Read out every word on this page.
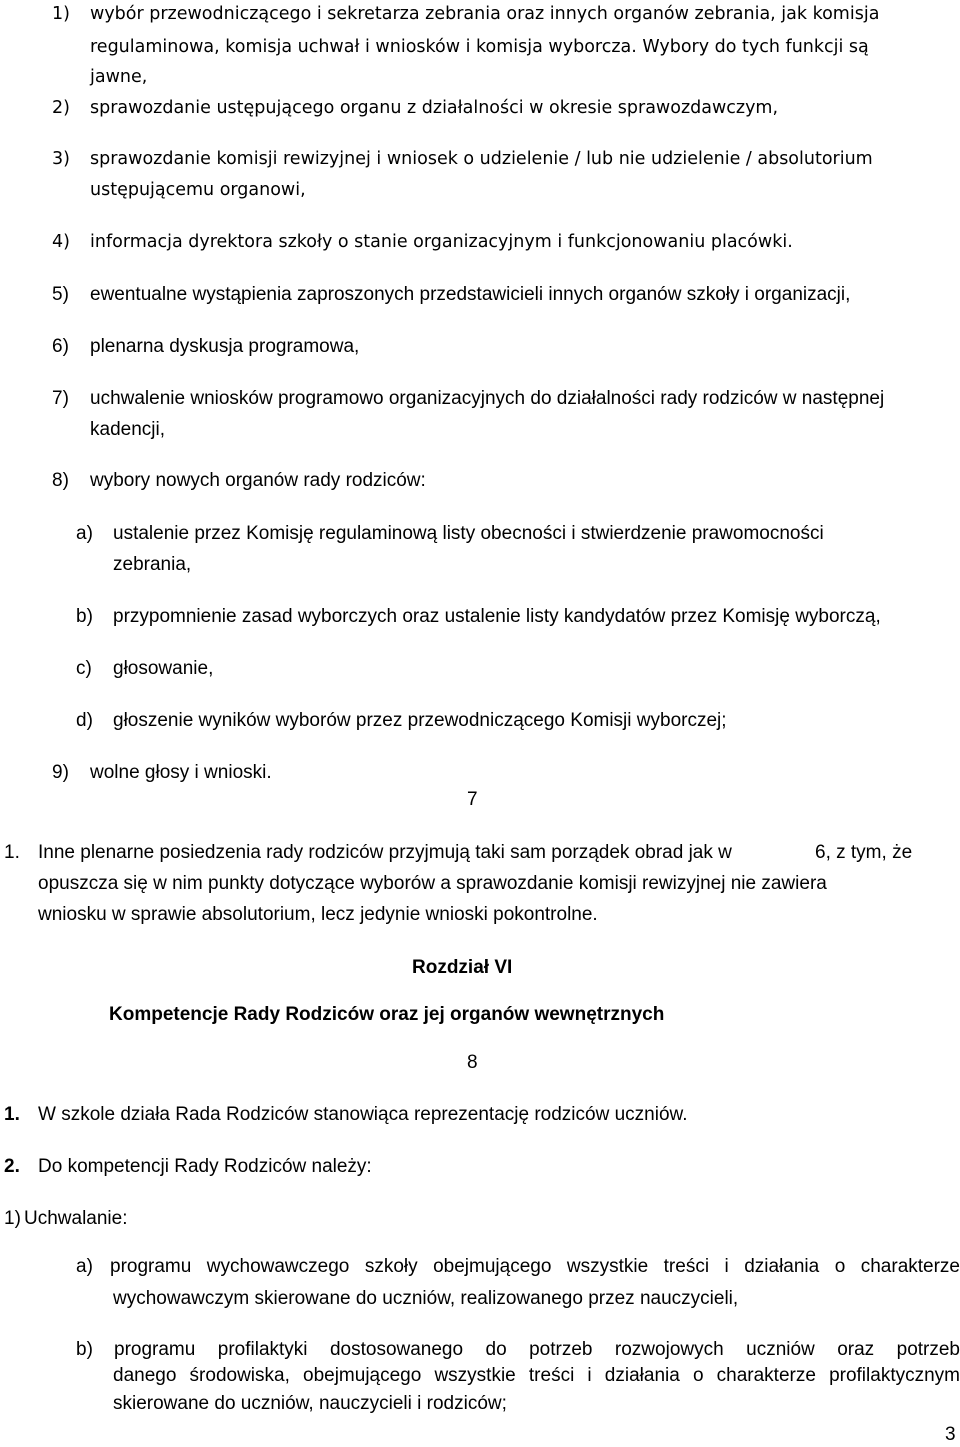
1) wybór przewodniczącego i sekretarza zebrania oraz innych organów zebrania, jak komisja
regulaminowa, komisja uchwał i wniosków i komisja wyborcza. Wybory do tych funkcji są
jawne,
2) sprawozdanie ustępującego organu z działalności w okresie sprawozdawczym,
3) sprawozdanie komisji rewizyjnej i wniosek o udzielenie / lub nie udzielenie / absolutorium
ustępującemu organowi,
4) informacja dyrektora szkoły o stanie organizacyjnym i funkcjonowaniu placówki.
5) ewentualne wystąpienia zaproszonych przedstawicieli innych organów szkoły i organizacji,
6) plenarna dyskusja programowa,
7) uchwalenie wniosków programowo organizacyjnych do działalności rady rodziców w następnej
kadencji,
8) wybory nowych organów rady rodziców:
a) ustalenie przez Komisję regulaminową listy obecności i stwierdzenie prawomocności
zebrania,
b) przypomnienie zasad wyborczych oraz ustalenie listy kandydatów przez Komisję wyborczą,
c) głosowanie,
d) głoszenie wyników wyborów przez przewodniczącego Komisji wyborczej;
9) wolne głosy i wnioski.
7
1. Inne plenarne posiedzenia rady rodziców przyjmują taki sam porządek obrad jak w	6, z tym, że
opuszcza się w nim punkty dotyczące wyborów a sprawozdanie komisji rewizyjnej nie zawiera
wniosku w sprawie absolutorium, lecz jedynie wnioski pokontrolne.
Rozdział VI
Kompetencje Rady Rodziców oraz jej organów wewnętrznych
8
1. W szkole działa Rada Rodziców stanowiąca reprezentację rodziców uczniów.
2. Do kompetencji Rady Rodziców należy:
1) Uchwalanie:
a) programu wychowawczego szkoły obejmującego wszystkie treści i działania o charakterze
wychowawczym skierowane do uczniów, realizowanego przez nauczycieli,
b) programu profilaktyki dostosowanego do potrzeb rozwojowych uczniów oraz potrzeb
danego środowiska, obejmującego wszystkie treści i działania o charakterze profilaktycznym
skierowane do uczniów, nauczycieli i rodziców;
3
